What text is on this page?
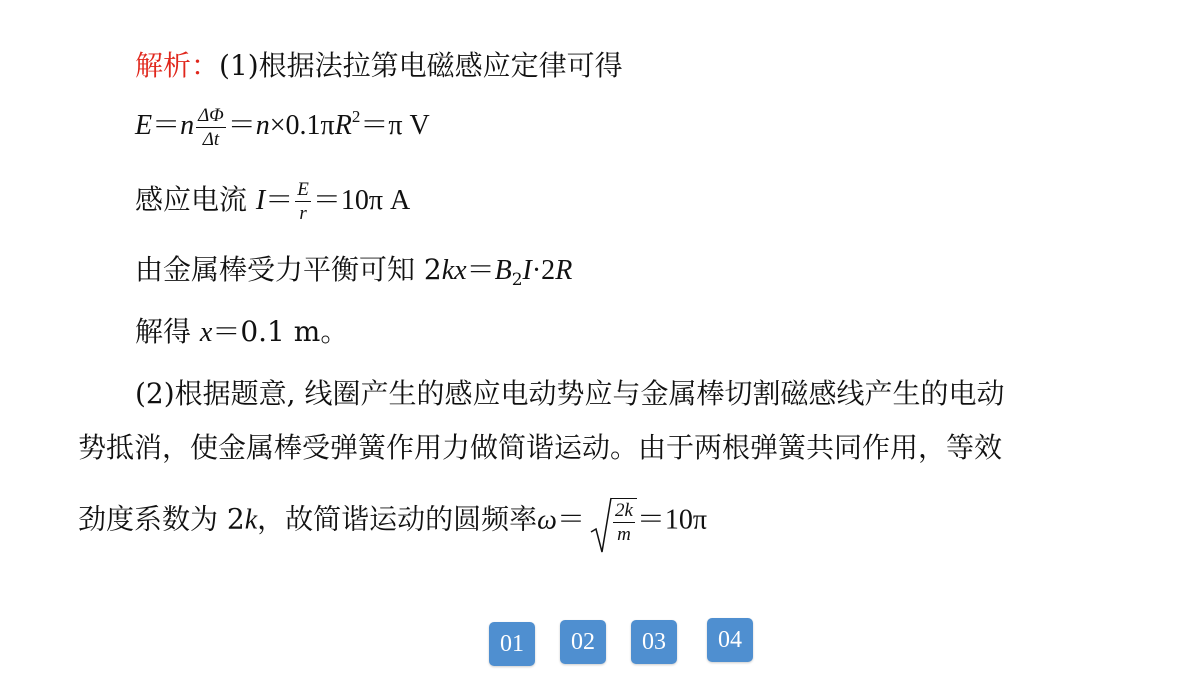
解析：(1)根据法拉第电磁感应定律可得
$E=n \frac{\Delta\Phi}{\Delta t} =n\times 0.1\pi R^2=\pi$ V
感应电流 $I= \frac{E}{r} =10\pi$ A
由金属棒受力平衡可知 $2kx=B_2I\cdot 2R$
解得 x＝0.1 m。
(2)根据题意, 线圈产生的感应电动势应与金属棒切割磁感线产生的电动
势抵消，使金属棒受弹簧作用力做简谐运动。由于两根弹簧共同作用，等效
劲度系数为 2k，故简谐运动的圆频率$\omega= \frac{2k}{m} =10\pi$
01	02	03	04
